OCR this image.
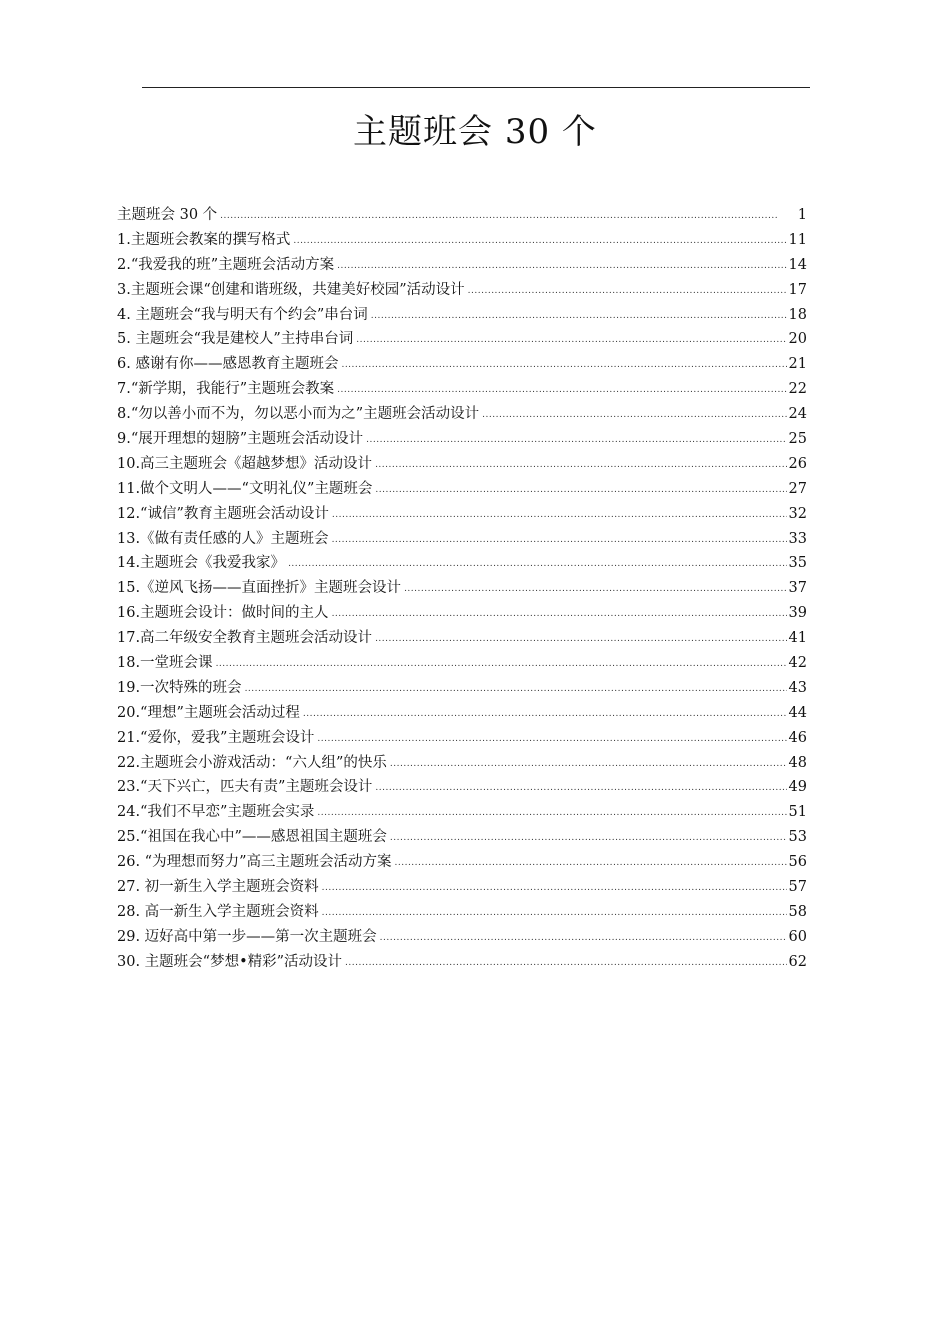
主题班会 30 个
主题班会 30 个 .....	1
1.主题班会教案的撰写格式 .....	11
2.“我爱我的班”主题班会活动方案 .....	14
3.主题班会课“创建和谐班级，共建美好校园”活动设计 .....	17
4. 主题班会“我与明天有个约会”串台词 .....	18
5. 主题班会“我是建校人”主持串台词 .....	20
6. 感谢有你——感恩教育主题班会 .....	21
7.“新学期，我能行”主题班会教案 .....	22
8.“勿以善小而不为，勿以恶小而为之”主题班会活动设计 .....	24
9.“展开理想的翅膀”主题班会活动设计 .....	25
10.高三主题班会《超越梦想》活动设计 .....	26
11.做个文明人——“文明礼仪”主题班会 .....	27
12.“诚信”教育主题班会活动设计 .....	32
13.《做有责任感的人》主题班会 .....	33
14.主题班会《我爱我家》 .....	35
15.《逆风飞扬——直面挫折》主题班会设计 .....	37
16.主题班会设计：做时间的主人 .....	39
17.高二年级安全教育主题班会活动设计 .....	41
18.一堂班会课 .....	42
19.一次特殊的班会 .....	43
20.“理想”主题班会活动过程 .....	44
21.“爱你，爱我”主题班会设计 .....	46
22.主题班会小游戏活动：“六人组”的快乐 .....	48
23.“天下兴亡，匹夫有责”主题班会设计 .....	49
24.“我们不早恋”主题班会实录 .....	51
25.“祖国在我心中”——感恩祖国主题班会 .....	53
26. “为理想而努力”高三主题班会活动方案 .....	56
27. 初一新生入学主题班会资料 .....	57
28. 高一新生入学主题班会资料 .....	58
29. 迈好高中第一步——第一次主题班会 .....	60
30. 主题班会“梦想•精彩”活动设计 .....	62
